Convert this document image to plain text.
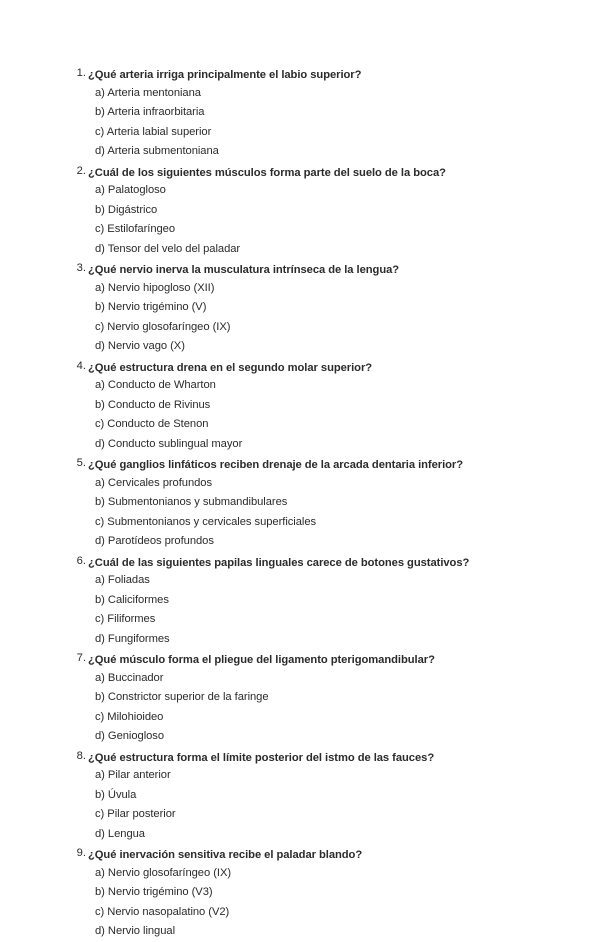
1. ¿Qué arteria irriga principalmente el labio superior?
a) Arteria mentoniana
b) Arteria infraorbitaria
c) Arteria labial superior
d) Arteria submentoniana
2. ¿Cuál de los siguientes músculos forma parte del suelo de la boca?
a) Palatogloso
b) Digástrico
c) Estilofaríngeo
d) Tensor del velo del paladar
3. ¿Qué nervio inerva la musculatura intrínseca de la lengua?
a) Nervio hipogloso (XII)
b) Nervio trigémino (V)
c) Nervio glosofaríngeo (IX)
d) Nervio vago (X)
4. ¿Qué estructura drena en el segundo molar superior?
a) Conducto de Wharton
b) Conducto de Rivinus
c) Conducto de Stenon
d) Conducto sublingual mayor
5. ¿Qué ganglios linfáticos reciben drenaje de la arcada dentaria inferior?
a) Cervicales profundos
b) Submentonianos y submandibulares
c) Submentonianos y cervicales superficiales
d) Parotídeos profundos
6. ¿Cuál de las siguientes papilas linguales carece de botones gustativos?
a) Foliadas
b) Caliciformes
c) Filiformes
d) Fungiformes
7. ¿Qué músculo forma el pliegue del ligamento pterigomandibular?
a) Buccinador
b) Constrictor superior de la faringe
c) Milohioideo
d) Geniogloso
8. ¿Qué estructura forma el límite posterior del istmo de las fauces?
a) Pilar anterior
b) Úvula
c) Pilar posterior
d) Lengua
9. ¿Qué inervación sensitiva recibe el paladar blando?
a) Nervio glosofaríngeo (IX)
b) Nervio trigémino (V3)
c) Nervio nasopalatino (V2)
d) Nervio lingual
